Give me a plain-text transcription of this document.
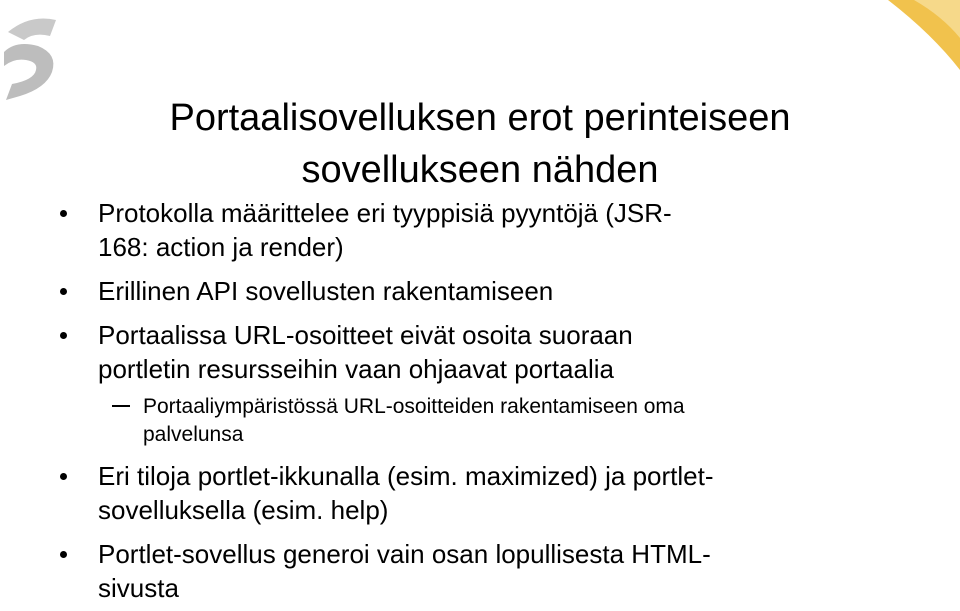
Portaalisovelluksen erot perinteiseen
sovellukseen nähden
Protokolla määrittelee eri tyyppisiä pyyntöjä (JSR-
168: action ja render)
Erillinen API sovellusten rakentamiseen
Portaalissa URL-osoitteet eivät osoita suoraan
portletin resursseihin vaan ohjaavat portaalia
Portaaliympäristössä URL-osoitteiden rakentamiseen oma
palvelunsa
Eri tiloja portlet-ikkunalla (esim. maximized) ja portlet-
sovelluksella (esim. help)
Portlet-sovellus generoi vain osan lopullisesta HTML-
sivusta
